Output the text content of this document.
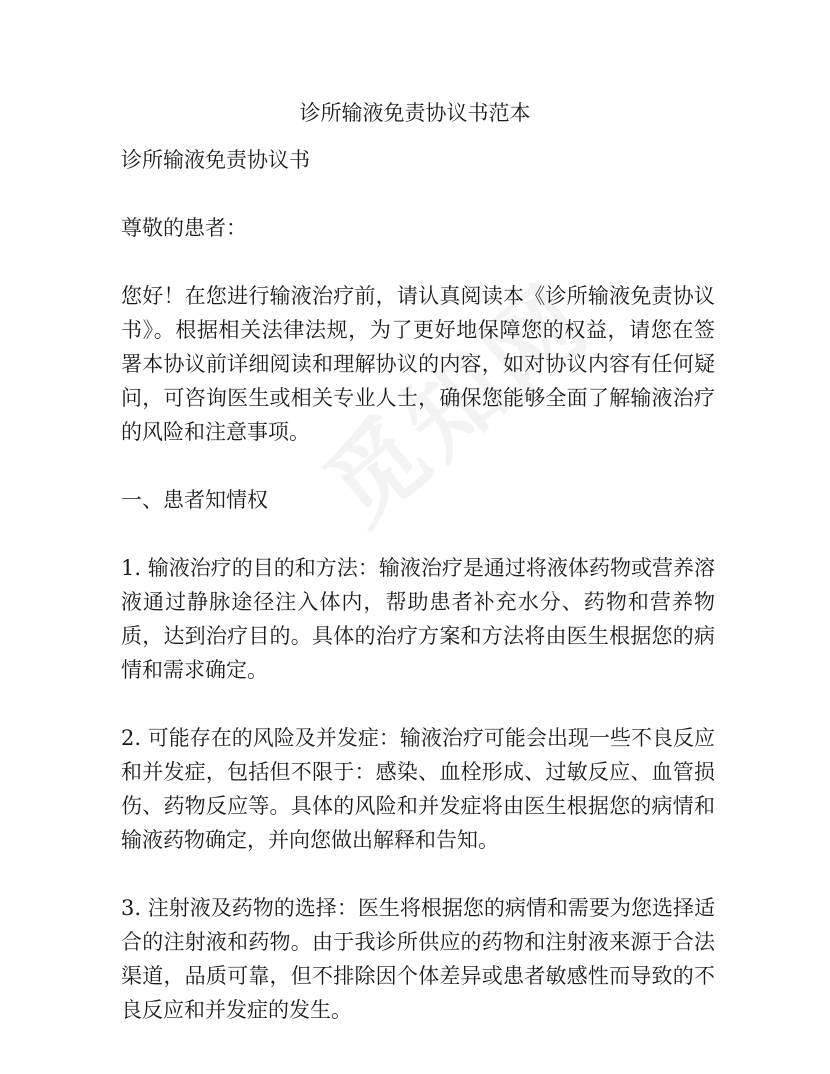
诊所输液免责协议书范本

诊所输液免责协议书

尊敬的患者：

您好！在您进行输液治疗前，请认真阅读本《诊所输液免责协议书》。根据相关法律法规，为了更好地保障您的权益，请您在签署本协议前详细阅读和理解协议的内容，如对协议内容有任何疑问，可咨询医生或相关专业人士，确保您能够全面了解输液治疗的风险和注意事项。

一、患者知情权

1. 输液治疗的目的和方法：输液治疗是通过将液体药物或营养溶液通过静脉途径注入体内，帮助患者补充水分、药物和营养物质，达到治疗目的。具体的治疗方案和方法将由医生根据您的病情和需求确定。

2. 可能存在的风险及并发症：输液治疗可能会出现一些不良反应和并发症，包括但不限于：感染、血栓形成、过敏反应、血管损伤、药物反应等。具体的风险和并发症将由医生根据您的病情和输液药物确定，并向您做出解释和告知。

3. 注射液及药物的选择：医生将根据您的病情和需要为您选择适合的注射液和药物。由于我诊所供应的药物和注射液来源于合法渠道，品质可靠，但不排除因个体差异或患者敏感性而导致的不良反应和并发症的发生。
